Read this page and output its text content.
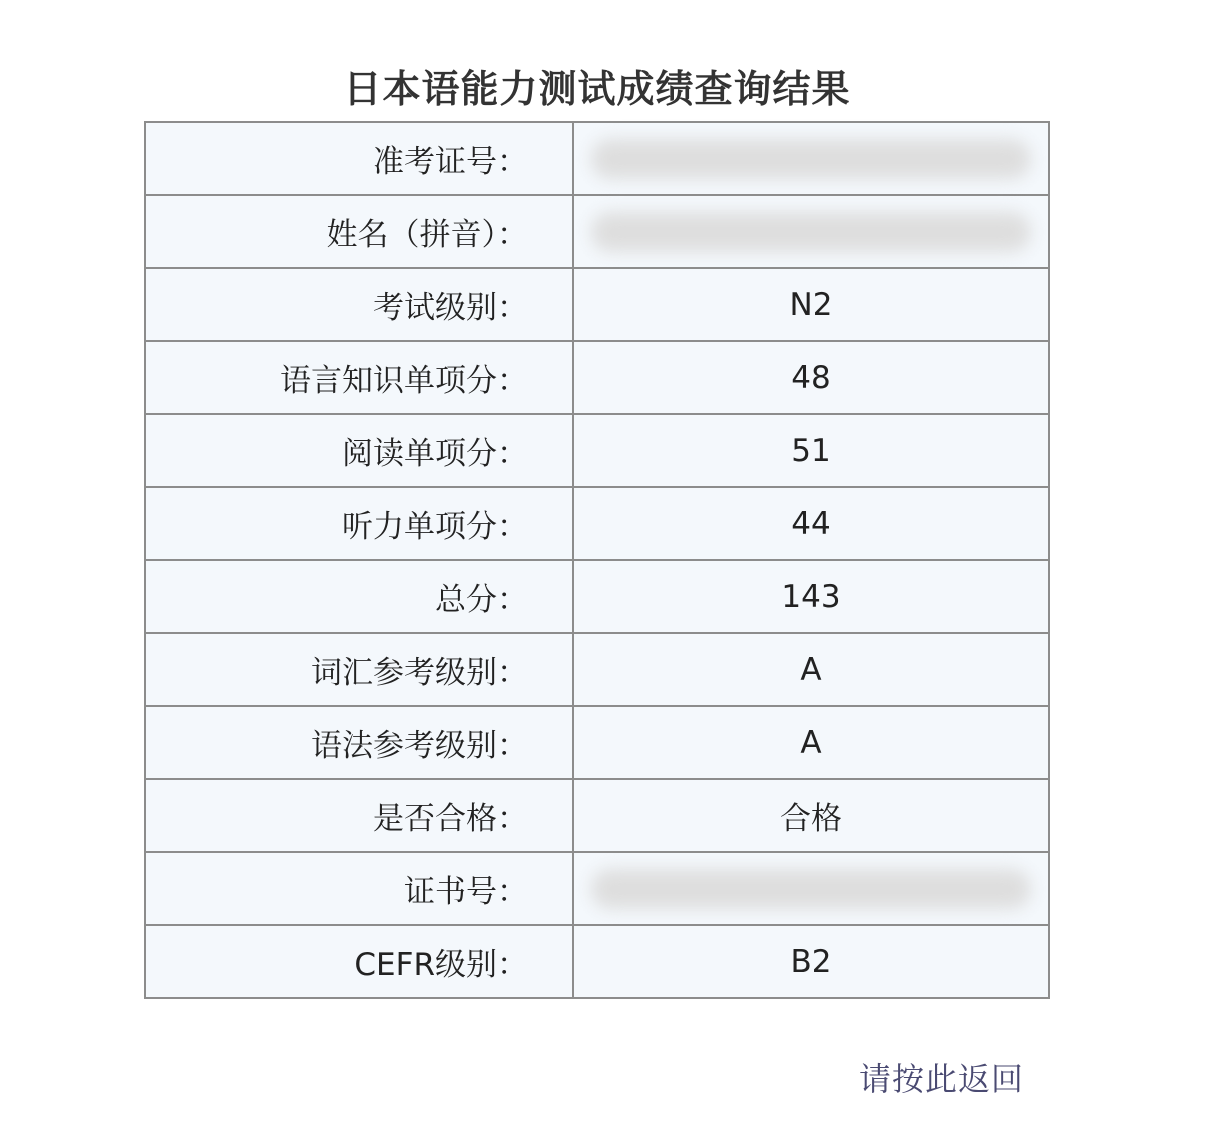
日本语能力测试成绩查询结果
准考证号：	
姓名（拼音）：	
考试级别：	N2
语言知识单项分：	48
阅读单项分：	51
听力单项分：	44
总分：	143
词汇参考级别：	A
语法参考级别：	A
是否合格：	合格
证书号：	
CEFR级别：	B2
请按此返回
